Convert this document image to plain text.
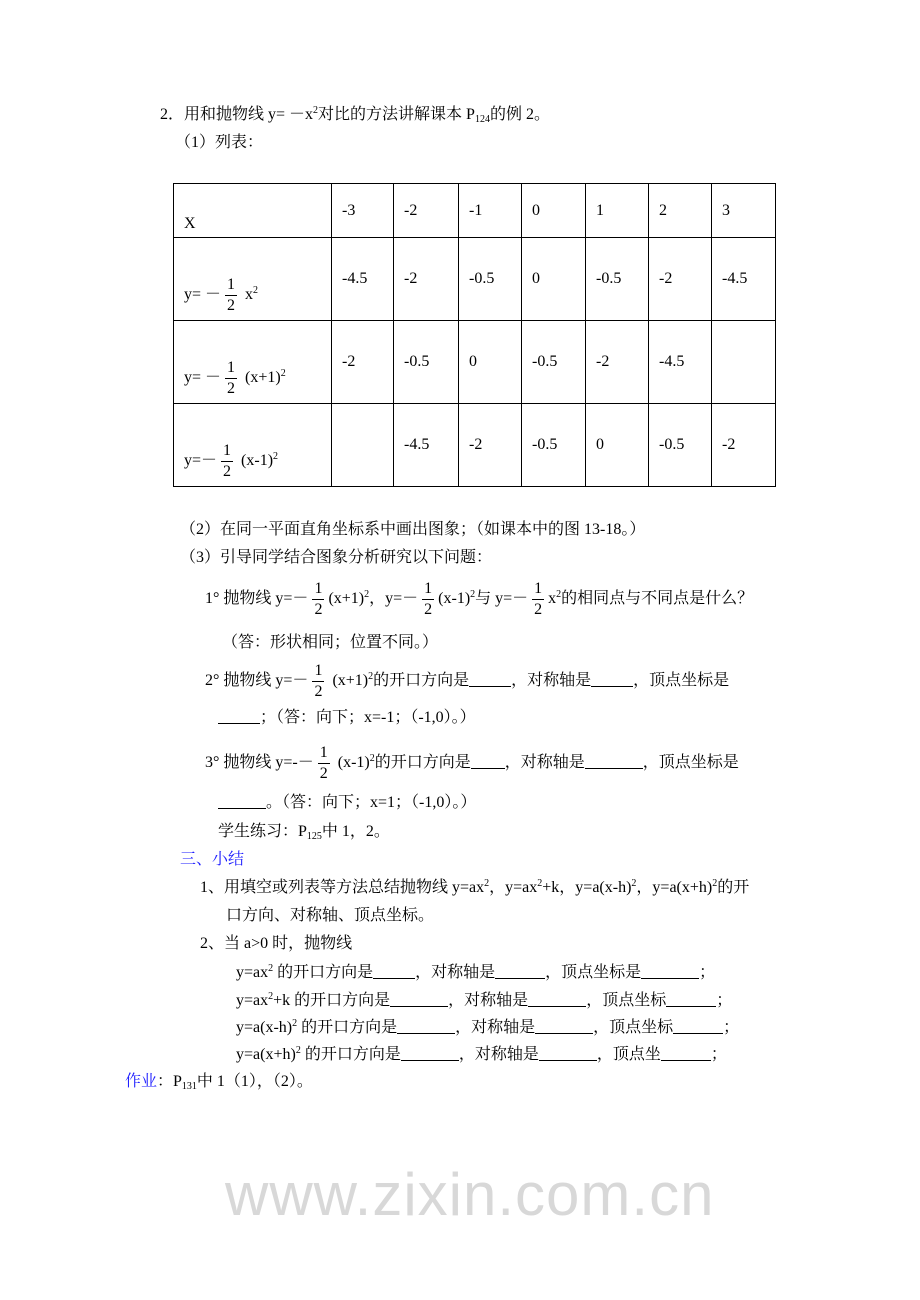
www.zixin.com.cn
2．用和抛物线 $y= -x^2$对比的方法讲解课本 $P_{124}$的例 2。
（1）列表：
X	-3	-2	-1	0	1	2	3
$y= - \frac{1}{2} x^2$	-4.5	-2	-0.5	0	-0.5	-2	-4.5
$y= - \frac{1}{2} (x+1)^2$	-2	-0.5	0	-0.5	-2	-4.5	
$y=- \frac{1}{2} (x-1)^2$		-4.5	-2	-0.5	0	-0.5	-2
（2）在同一平面直角坐标系中画出图象；（如课本中的图 13-18。）
（3）引导同学结合图象分析研究以下问题：
1° 抛物线 $y=- \frac{1}{2} (x+1)^2$，$y=- \frac{1}{2} (x-1)^2$与 $y=- \frac{1}{2} x^2$的相同点与不同点是什么？
（答：形状相同；位置不同。）
2° 抛物线 $y=- \frac{1}{2} (x+1)^2$的开口方向是	，对称轴是	，顶点坐标是
；（答：向下；x=-1；（-1,0）。）
3° 抛物线 $y=-- \frac{1}{2} (x-1)^2$的开口方向是 ，对称轴是	，顶点坐标是
。（答：向下；x=1；（-1,0）。）
学生练习：$P_{125}$中 1，2。
三、小结
1、用填空或列表等方法总结抛物线 $y=ax^2$，$y=ax^2+k$，$y=a(x-h)^2$，$y=a(x+h)^2$的开
口方向、对称轴、顶点坐标。
2、当 a>0 时，抛物线
$y=ax^2$ 的开口方向是	，对称轴是	，顶点坐标是	；
$y=ax^2+k$ 的开口方向是	，对称轴是	，顶点坐标	；
$y=a(x-h)^2$ 的开口方向是	，对称轴是	，顶点坐标	；
$y=a(x+h)^2$ 的开口方向是	，对称轴是	，顶点坐	；
作业：$P_{131}$中 1（1），（2）。
